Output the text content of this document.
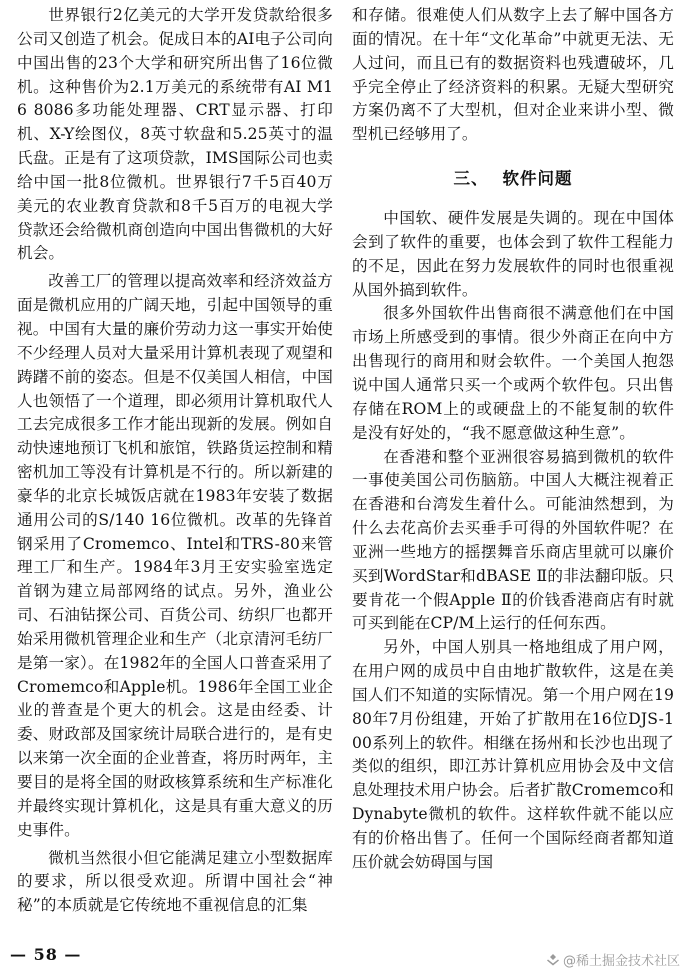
世界银行2亿美元的大学开发贷款给很多公司又创造了机会。促成日本的AI电子公司向中国出售的23个大学和研究所出售了16位微机。这种售价为2.1万美元的系统带有AI M16 8086多功能处理器、CRT显示器、打印机、X-Y绘图仪，8英寸软盘和5.25英寸的温氏盘。正是有了这项贷款，IMS国际公司也卖给中国一批8位微机。世界银行7千5百40万美元的农业教育贷款和8千5百万的电视大学贷款还会给微机商创造向中国出售微机的大好机会。

改善工厂的管理以提高效率和经济效益方面是微机应用的广阔天地，引起中国领导的重视。中国有大量的廉价劳动力这一事实开始使不少经理人员对大量采用计算机表现了观望和踌躇不前的姿态。但是不仅美国人相信，中国人也领悟了一个道理，即必须用计算机取代人工去完成很多工作才能出现新的发展。例如自动快速地预订飞机和旅馆，铁路货运控制和精密机加工等没有计算机是不行的。所以新建的豪华的北京长城饭店就在1983年安装了数据通用公司的S/140 16位微机。改革的先锋首钢采用了Cromemco、Intel和TRS-80来管理工厂和生产。1984年3月王安实验室选定首钢为建立局部网络的试点。另外，渔业公司、石油钻探公司、百货公司、纺织厂也都开始采用微机管理企业和生产（北京清河毛纺厂是第一家）。在1982年的全国人口普查采用了Cromemco和Apple机。1986年全国工业企业的普查是个更大的机会。这是由经委、计委、财政部及国家统计局联合进行的，是有史以来第一次全面的企业普查，将历时两年，主要目的是将全国的财政核算系统和生产标准化并最终实现计算机化，这是具有重大意义的历史事件。

微机当然很小但它能满足建立小型数据库的要求，所以很受欢迎。所谓中国社会“神秘”的本质就是它传统地不重视信息的汇集

和存储。很难使人们从数字上去了解中国各方面的情况。在十年“文化革命”中就更无法、无人过问，而且已有的数据资料也残遭破坏，几乎完全停止了经济资料的积累。无疑大型研究方案仍离不了大型机，但对企业来讲小型、微型机已经够用了。

三、 软件问题

中国软、硬件发展是失调的。现在中国体会到了软件的重要，也体会到了软件工程能力的不足，因此在努力发展软件的同时也很重视从国外搞到软件。

很多外国软件出售商很不满意他们在中国市场上所感受到的事情。很少外商正在向中方出售现行的商用和财会软件。一个美国人抱怨说中国人通常只买一个或两个软件包。只出售存储在ROM上的或硬盘上的不能复制的软件是没有好处的，“我不愿意做这种生意”。

在香港和整个亚洲很容易搞到微机的软件一事使美国公司伤脑筋。中国人大概注视着正在香港和台湾发生着什么。可能油然想到，为什么去花高价去买垂手可得的外国软件呢？在亚洲一些地方的摇摆舞音乐商店里就可以廉价买到WordStar和dBASE Ⅱ的非法翻印版。只要肯花一个假Apple Ⅱ的价钱香港商店有时就可买到能在CP/M上运行的任何东西。

另外，中国人别具一格地组成了用户网，在用户网的成员中自由地扩散软件，这是在美国人们不知道的实际情况。第一个用户网在1980年7月份组建，开始了扩散用在16位DJS-100系列上的软件。相继在扬州和长沙也出现了类似的组织，即江苏计算机应用协会及中文信息处理技术用户协会。后者扩散Cromemco和Dynabyte微机的软件。这样软件就不能以应有的价格出售了。任何一个国际经商者都知道压价就会妨碍国与国

— 58 —	@稀土掘金技术社区
